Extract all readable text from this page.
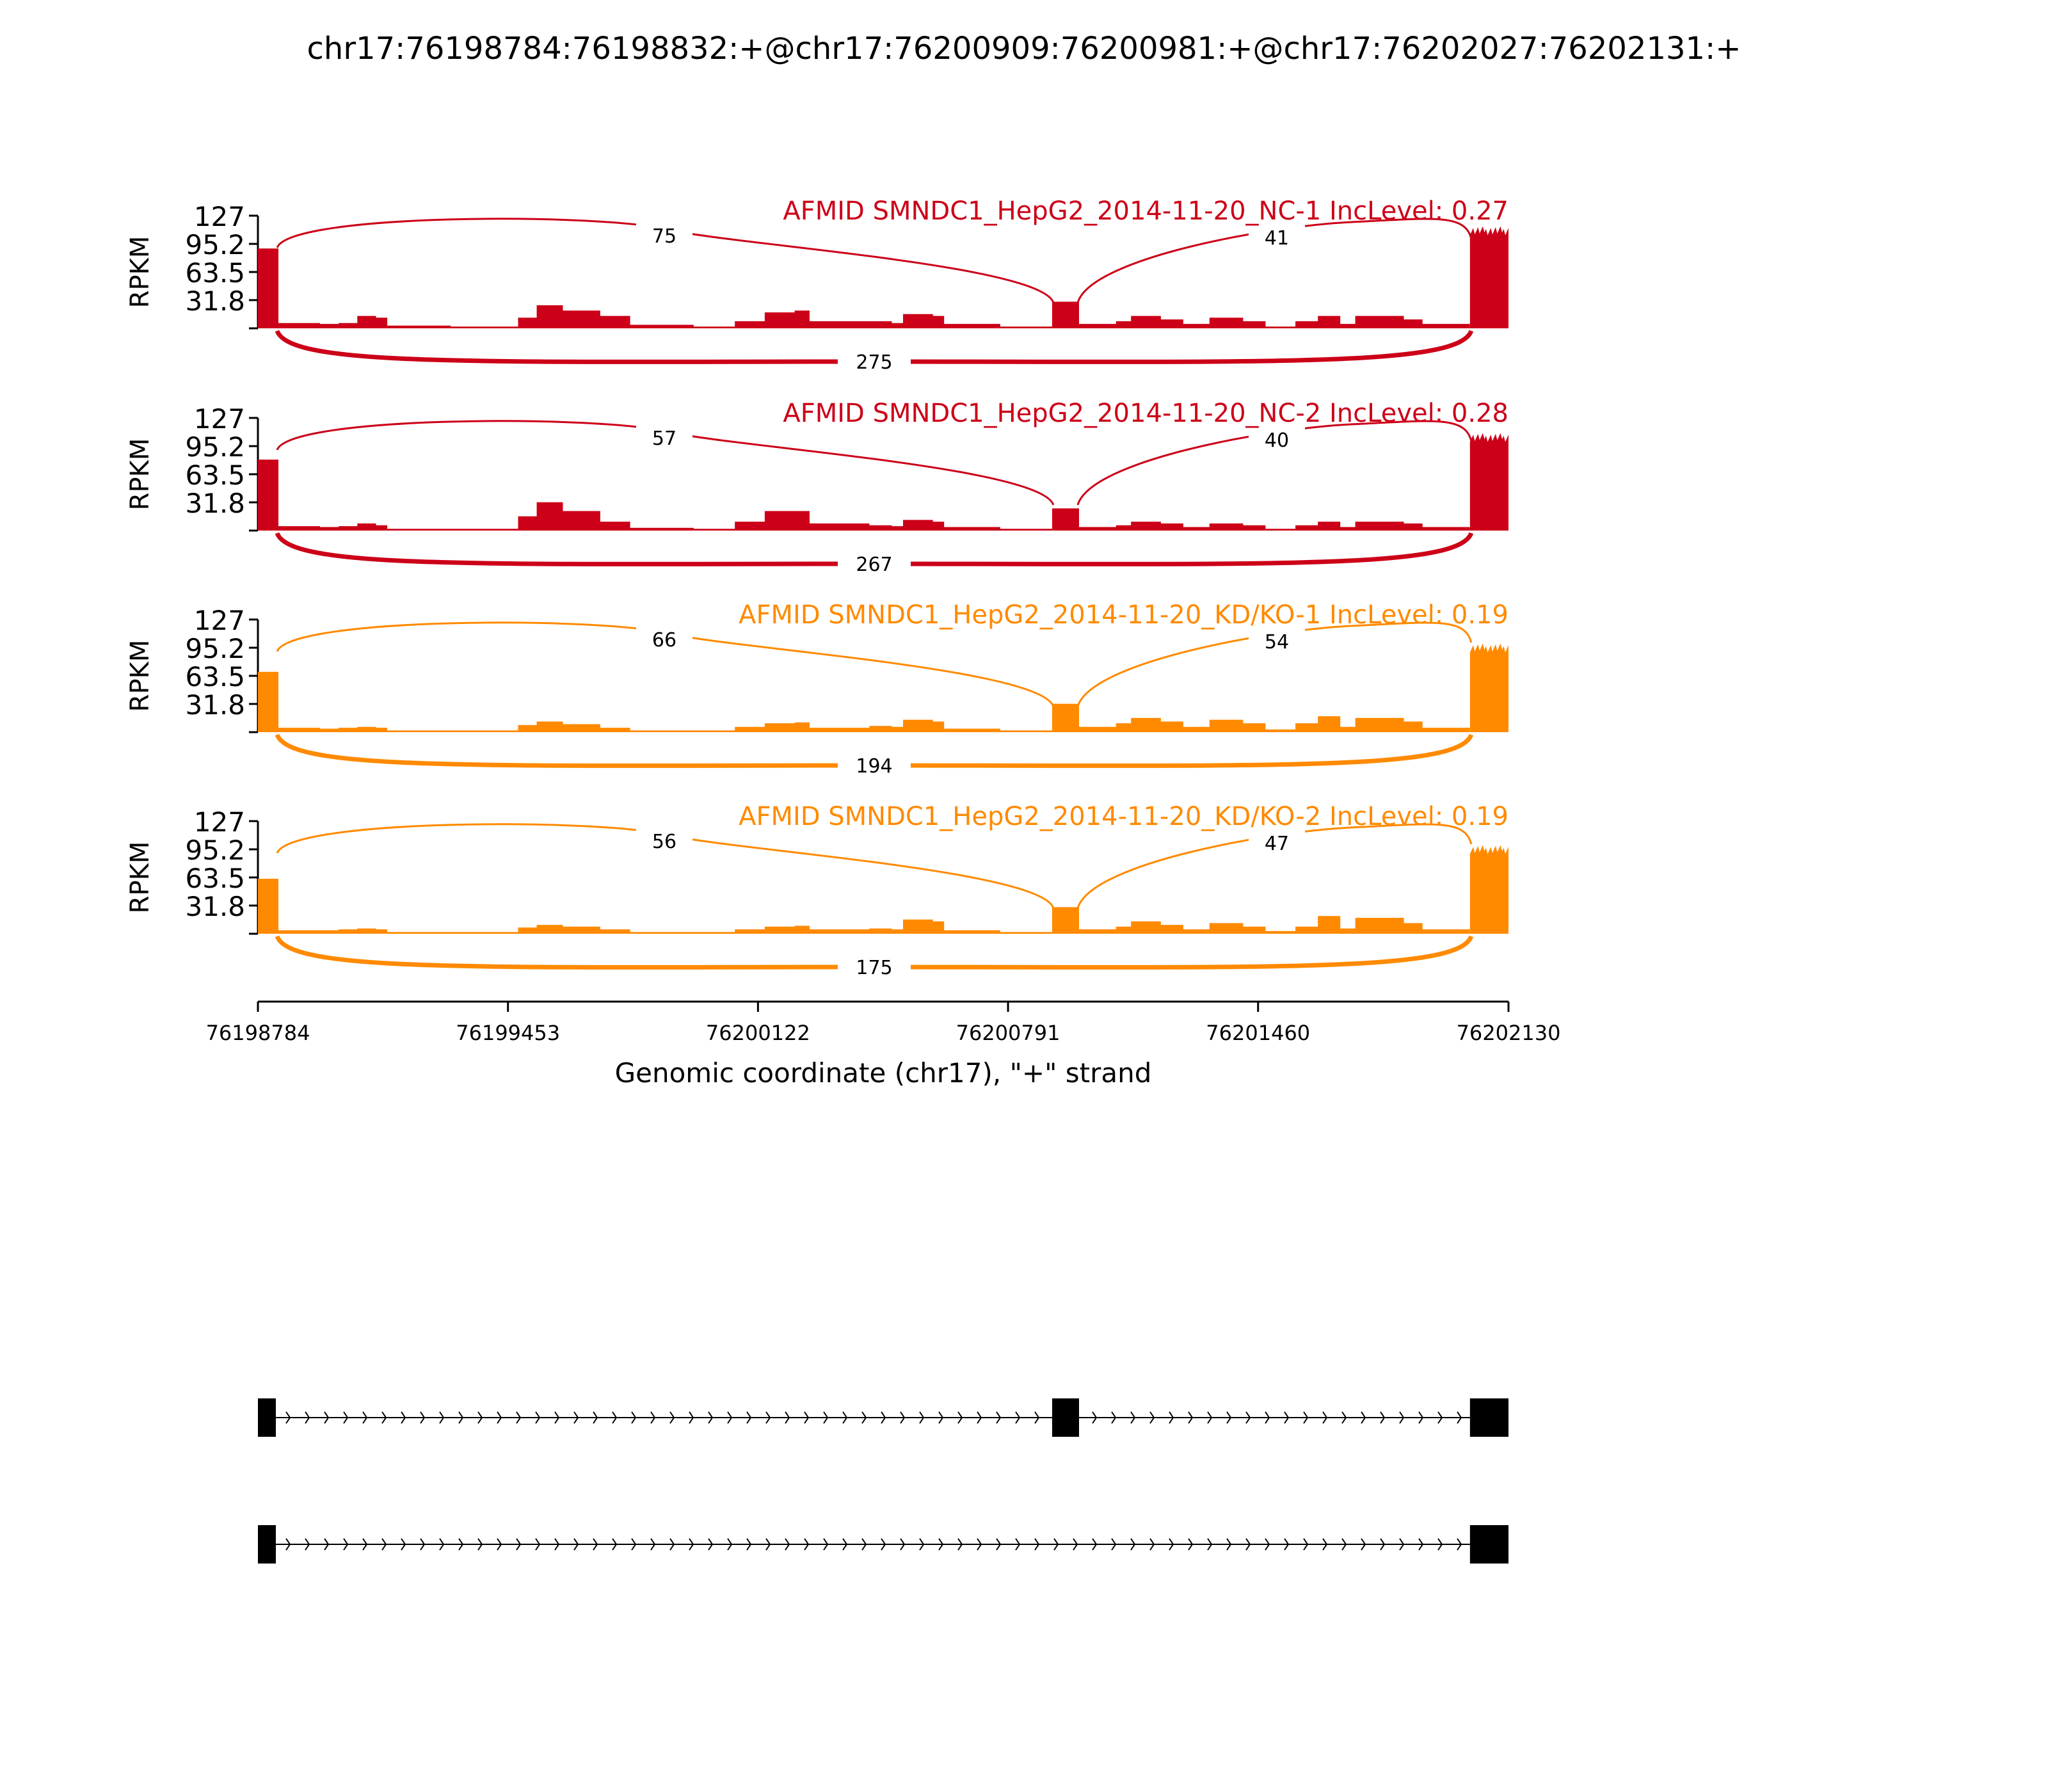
chr17:76198784:76198832:+@chr17:76200909:76200981:+@chr17:76202027:76202131:+
127
95.2
63.5
31.8
RPKM	75	41
275
AFMID SMNDC1_HepG2_2014-11-20_NC-1 IncLevel: 0.27
127
95.2
63.5
31.8
RPKM	57	40
267
AFMID SMNDC1_HepG2_2014-11-20_NC-2 IncLevel: 0.28
127
95.2
63.5
31.8
RPKM	66	54
194
AFMID SMNDC1_HepG2_2014-11-20_KD/KO-1 IncLevel: 0.19
127
95.2
63.5
31.8
RPKM	56	47
175
AFMID SMNDC1_HepG2_2014-11-20_KD/KO-2 IncLevel: 0.19
76198784	76199453	76200122	76200791	76201460	76202130
Genomic coordinate (chr17), "+" strand
